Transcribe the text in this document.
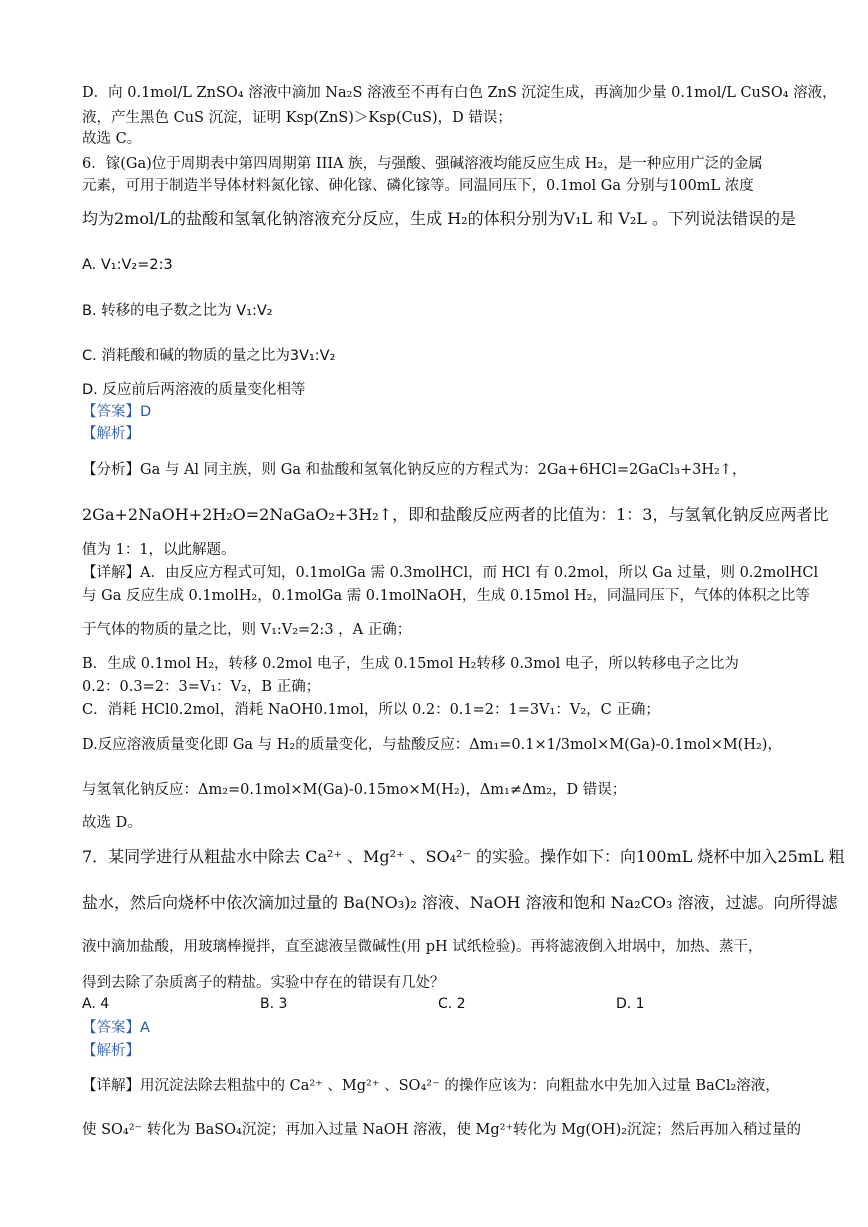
D．向 0.1mol/L ZnSO₄ 溶液中滴加 Na₂S 溶液至不再有白色 ZnS 沉淀生成，再滴加少量 0.1mol/L CuSO₄ 溶液，
液，产生黑色 CuS 沉淀，证明 Ksp(ZnS)＞Ksp(CuS)，D 错误；
故选 C。
6．镓(Ga)位于周期表中第四周期第 IIIA 族，与强酸、强碱溶液均能反应生成 H₂，是一种应用广泛的金属
元素，可用于制造半导体材料氮化镓、砷化镓、磷化镓等。同温同压下，0.1mol Ga 分别与100mL 浓度
均为2mol/L的盐酸和氢氧化钠溶液充分反应，生成 H₂的体积分别为V₁L 和 V₂L 。下列说法错误的是
A. V₁:V₂=2:3
B. 转移的电子数之比为 V₁:V₂
C. 消耗酸和碱的物质的量之比为3V₁:V₂
D. 反应前后两溶液的质量变化相等
【答案】D
【解析】
【分析】Ga 与 Al 同主族，则 Ga 和盐酸和氢氧化钠反应的方程式为：2Ga+6HCl=2GaCl₃+3H₂↑，
2Ga+2NaOH+2H₂O=2NaGaO₂+3H₂↑，即和盐酸反应两者的比值为：1：3，与氢氧化钠反应两者比
值为 1：1，以此解题。
【详解】A．由反应方程式可知，0.1molGa 需 0.3molHCl，而 HCl 有 0.2mol，所以 Ga 过量，则 0.2molHCl
与 Ga 反应生成 0.1molH₂，0.1molGa 需 0.1molNaOH，生成 0.15mol H₂，同温同压下，气体的体积之比等
于气体的物质的量之比，则 V₁:V₂=2:3 ，A 正确；
B．生成 0.1mol H₂，转移 0.2mol 电子，生成 0.15mol H₂转移 0.3mol 电子，所以转移电子之比为
0.2：0.3=2：3=V₁：V₂，B 正确；
C．消耗 HCl0.2mol，消耗 NaOH0.1mol，所以 0.2：0.1=2：1=3V₁：V₂，C 正确；
D.反应溶液质量变化即 Ga 与 H₂的质量变化，与盐酸反应：Δm₁=0.1×1/3mol×M(Ga)-0.1mol×M(H₂)，
与氢氧化钠反应：Δm₂=0.1mol×M(Ga)-0.15mo×M(H₂)，Δm₁≠Δm₂，D 错误；
故选 D。
7．某同学进行从粗盐水中除去 Ca²⁺ 、Mg²⁺ 、SO₄²⁻ 的实验。操作如下：向100mL 烧杯中加入25mL 粗
盐水，然后向烧杯中依次滴加过量的 Ba(NO₃)₂ 溶液、NaOH 溶液和饱和 Na₂CO₃ 溶液，过滤。向所得滤
液中滴加盐酸，用玻璃棒搅拌，直至滤液呈微碱性(用 pH 试纸检验)。再将滤液倒入坩埚中，加热、蒸干，
得到去除了杂质离子的精盐。实验中存在的错误有几处？
A. 4	B. 3	C. 2	D. 1
【答案】A
【解析】
【详解】用沉淀法除去粗盐中的 Ca²⁺ 、Mg²⁺ 、SO₄²⁻ 的操作应该为：向粗盐水中先加入过量 BaCl₂溶液，
使 SO₄²⁻ 转化为 BaSO₄沉淀；再加入过量 NaOH 溶液，使 Mg²⁺转化为 Mg(OH)₂沉淀；然后再加入稍过量的
